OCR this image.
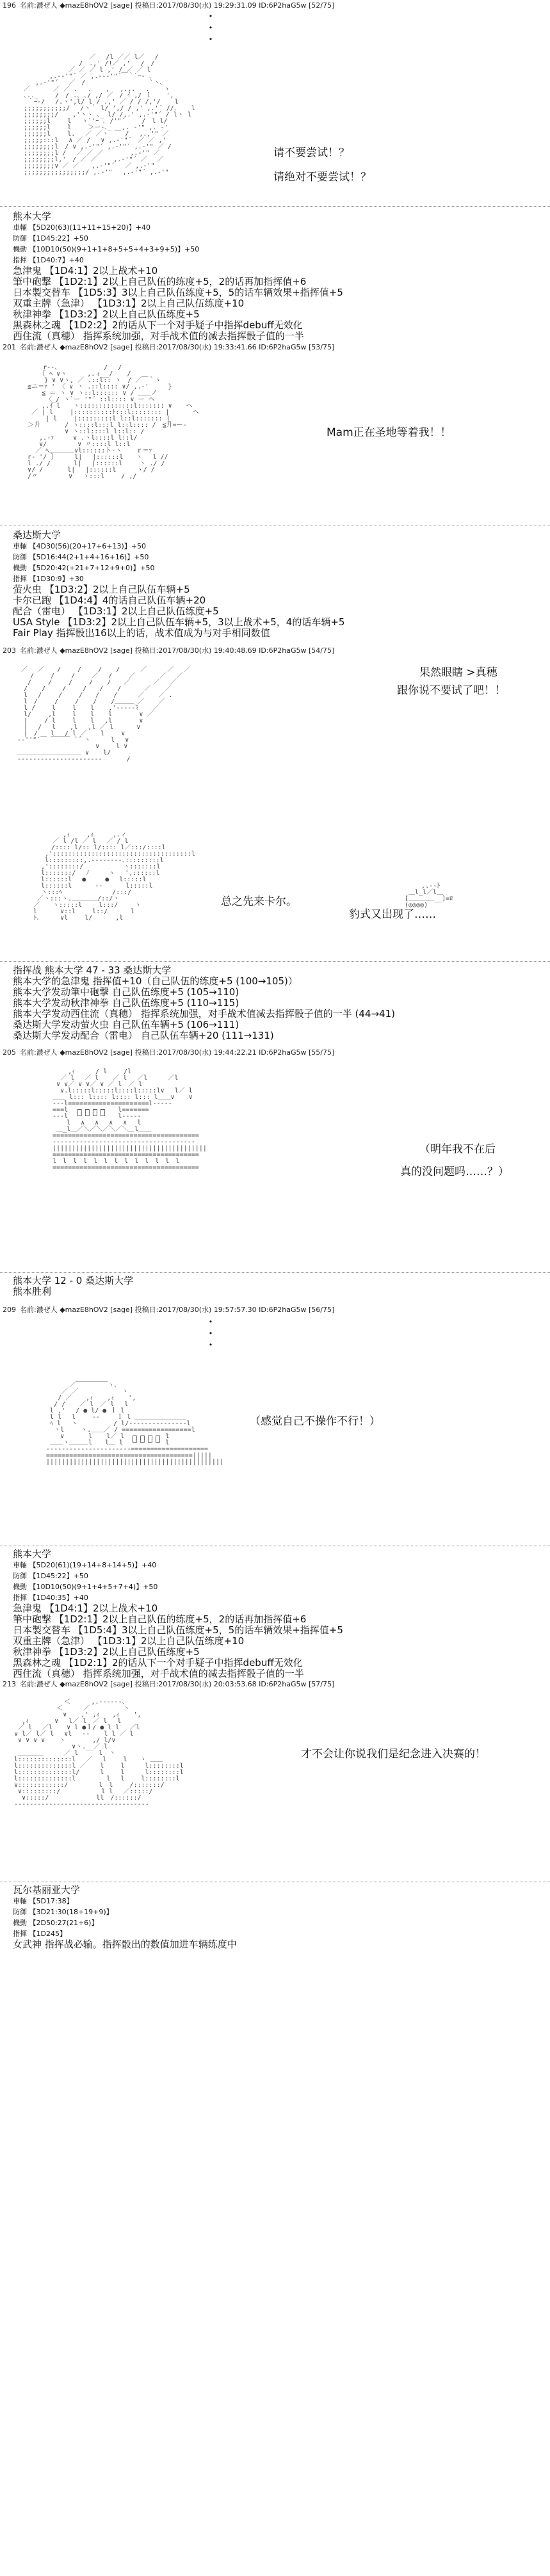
196 名前:濃ぜ人 ◆mazE8hOV2 [sage] 投稿日:2017/08/30(水) 19:29:31.09 ID:6P2haG5w [52/75]
・
・
・

／　 /l ／／ l／　 /
　 　/　.,' /!／ ,'　 /　/
　 ／ ／ ／ l ,' / ／ ／ l
　,.-‐'"´ ／ ,.-‐‐'"´￣｀`ｰ- ､
,.-'"´　 ／　/　　　 　 　 　 　 `ヽ、
／　　　 ／ ／ .　 . 　 ,　 ,.,.　 . 　 ヽ
､.._ 　　/　/ .､ ､/ ,/ ／　/ ｲ ,/ ｌ 　 ',
｀ｰ-/　 /.ヽ',l/ l / .,' ／ / / /,'/ 　 l
;;;;;;;;;;;/ 　/ヽ｀ l/ ',/ / ,' ,.'´ //､ 　 l
;;;;;;;;/ 　 ,'ヽヽ ､_ l/ /,.' ,.-'"´ / lヽ l
;;;;;;l　　 l 　ヽ`'ｰ ､ /'"´　　 /　l l/
;;;;;;l　　 l　　 ＞ー-､_　 ,. -'" ,. -'
;;;;;;l　　 l.　 ／ ／ヽ　￣ /　 ,.,'" ／
;;;;;:::l　 ∧ ／ /　 ∨ ,.-'"´　／ ／ ,'
;;;;;;;;l　/ ∨ ,.-'"´ ,.-'"´ ,.-'" ／ /
;;;;;;;;l /　 ／ ／ ／　　 　 ,.-'" ／
;;;;;;;;l,'　/ ／ ／ 　　,.-'"´ ／ 　／
;;;;;;;;∨ ／ ／　　,.-'"´　 ／ ,.-'"
;;;;;;;;;;;;;;;;/ ,.-'" 　,.-'"´ ,.-'"

请不要尝试！？
请绝对不要尝试！？
熊本大学
車輛 【5D20(63)(11+11+15+20)】+40
防御 【1D45:22】+50
機動 【10D10(50)(9+1+1+8+5+5+4+3+9+5)】+50
指揮 【1D40:7】+40
急津鬼 【1D4:1】2以上战术+10
筆中砲撃 【1D2:1】2以上自己队伍的练度+5，2的话再加指挥值+6
日本製交替车 【1D5:3】3以上自己队伍练度+5，5的话车辆效果+指挥值+5
双重主牌（急津） 【1D3:1】2以上自己队伍练度+10
秋津神拳 【1D3:2】2以上自己队伍练度+5
黑森林之魂 【1D2:2】2的话从下一个对手疑子中指挥debuff无效化
西住流（真穂） 指挥系统加强，对手战术值的减去指挥骰子值的一半
201 名前:濃ぜ人 ◆mazE8hOV2 [sage] 投稿日:2017/08/30(水) 19:33:41.66 ID:6P2haG5w [53/75]

r‐-、　　　　　 　 /　 /
｛ ﾍ ∨ヽ　 　 ,.ィ__/ 　 /
　　} ∨ ∨ヽ, ／ .::l:: ヽ　/ ／￣｀ヽ
≦ニ＝ｧ ' 〈 ∨ ヽ .::l:::: ∨/ ,.-'　　　}
　 ≦ ＝ ヽ ∨ ヽ::l:::::: ∨ / ＿＿ノ
　 〈_/ ヽ`ー '"´ ::l:::: ∨ ー ヘ
　 ,.ｲ l　　ヽ::::::::::::::l::::::: ∨ 　 ヘ
／ | l　　 |::::::::::ﾄ:::l:::::::: |　　　 ヘ
　 | l　　 |:::::::::l l::l::::::: |
＞升 　 　 / ヽ::::l:::l l::l:::: /　≦升=ー-
　　　　 ∨ ヽ::l::::l l::l:: /
,.-ｧ　　　∨ .ヽl::::l l::l/
∨/ 　 　 　∨ 〃::::l l::l
／ ﾍ＿＿＿＿∨l::::::ト-ヽ 　 ｒ＝ｧ
r‐ '/ ｝　 　 l| 　|::::::l　　ヽ　 l //
l ./ /　　　 l|　 |::::::l　　 ヽ ./ /
∨/ / 　 　 l| 　|::::::l　 　 ヽ/ /
/〃　 　 　 ∨ 　ヽ:::l　　 / ,/

Mam正在圣地等着我！！
桑达斯大学
車輛 【4D30(56)(20+17+6+13)】+50
防御 【5D16:44(2+1+4+16+16)】+50
機動 【5D20:42(+21+7+12+9+0)】+50
指揮 【1D30:9】+30
萤火虫 【1D3:2】2以上自己队伍车辆+5
卡尔已跑 【1D4:4】4的话自己队伍车辆+20
配合（雷电） 【1D3:1】2以上自己队伍练度+5
USA Style 【1D3:2】2以上自己队伍车辆+5，3以上战术+5，4的话车辆+5
Fair Play 指挥骰出16以上的话，战术值成为与对手相同数值
203 名前:濃ぜ人 ◆mazE8hOV2 [sage] 投稿日:2017/08/30(水) 19:40:48.69 ID:6P2haG5w [54/75]

／　 ／　　/　　 /　　 / 　 / 　　 ／ 　 　／　 ／
　　/　　 /　　 /　　 ／　 /　　 ／ 　 　 ／　 ／
　 /　　 /　　 /　　 / 　 /　　／　　　 ／ 　／
　/ 　 /　　 /　　 /　　/ 　 /　　　 ／ 　 ／
　l　 /　　 /　　 /　　/ 　 / 　 　／ 　 ／ .
　l　/　　 /　 　/ 　 / 　 /＿＿＿_／ 　 ／
　l /　　 l　　 l 　 l 　 ,'-‐‐‐‐ﾐ 　 ／
　l/　　 ,l　　 l 　 l 　 l　　 　 ∨ ／
　|　　 / l　　 l 　 l　 ,l 　　 　∨
　|　 / 　l 　 ,l　 ,l ／ l　　　 ∨
　|　/　　l　 / l ／ 　 l　　 ∨
‐‐''"´￣ ￣￣￣ ̄ ̄｀ヽ　 　 l　 ∨
　　 　 　 　 　 　 　 ∨　 　l ∨
＿＿＿＿＿＿＿＿＿＿ ∨ 　 l/
‐‐‐‐‐‐‐‐‐‐‐‐‐‐‐‐‐‐‐‐‐‐ 　 　 /

果然眼瞎 >真穗
跟你说不要试了吧！！

　 ,ｨ　　 ,ｨ　　　,.ィ
／ l /l ／ l　 ／ / l
　/:::: l/:: l/:::: l／:::/::::l
,'::::::::::::::::::::::::::::::::::::l
l:::::::::,.-‐‐‐‐‐--､:::::::::l
,'::::::::/　　　 　 　ヽ:::::::l
l:::::::/　 ﾉ　　　ヽ　 ',::::::l
l::::::l　 ●　　　●　 l:::::l
l::::::l　　　 ‐‐　　　 l:::::l
ヽ:::ﾍ　　 　　　 　 /:::/
／ヽ:::ヽ.＿＿＿＿/::/ヽ
／　　ヽ:::::l　　 l:::/　　 ヽ
l　　　 ∨::l　　 l::/　　　 l
ﾄ､ 　　 ∨l　　 l/　　　 ,l

总之先来卡尔。

　　　 ,.--ﾄ
　 ＿l_l／l＿
　[＿＿＿＿__]=ﾛ
　(◎◎◎◎)

豹式又出现了……
指挥战 熊本大学 47 - 33 桑达斯大学
熊本大学的急津鬼 指挥值+10（自己队伍的练度+5 (100→105)）
熊本大学发动筆中砲撃 自己队伍练度+5 (105→110)
熊本大学发动秋津神拳 自己队伍练度+5 (110→115)
熊本大学发动西住流（真穂） 指挥系统加强，对手战术值减去指挥骰子值的一半 (44→41)
桑达斯大学发动萤火虫 自己队伍车辆+5 (106→111)
桑达斯大学发动配合（雷电） 自己队伍车辆+20 (111→131)
205 名前:濃ぜ人 ◆mazE8hOV2 [sage] 投稿日:2017/08/30(水) 19:44:22.21 ID:6P2haG5w [55/75]

,ｨ 　 　/ l　　 /l
／ l　 ／ l 　 ／ l　 ／l 　 　／l
∨ ∨／ ∨ ∨／ ∨ ／ l　／ l
∨.l:::::l:::::l::::l:::::l∨ 　l／ l
＿＿ l::: l:::: l:::: l::: l＿＿∨ 　 ∨
‐‐‐l=====================l‐‐‐‐‐
===l  ┌┐┌┐┌┐┌┐   l=======
‐‐‐l  └┘└┘└┘└┘   l‐‐‐‐‐
　 l　 ∧　 ∧　 ∧　 ∧　 l
＿_l＿／＼／＼／＼／＼＿l＿＿
======================================
‐‐‐‐‐‐‐‐‐‐‐‐‐‐‐‐‐‐‐‐‐‐‐‐‐‐‐‐‐‐‐‐‐‐‐‐‐
||||||||||||||||||||||||||||||||||||||||
======================================
l　l　l　l　l　l　l　l　l　l　l　l　l
======================================

（明年我不在后
真的没问题吗……？）
熊本大学 12 - 0 桑达斯大学
熊本胜利
209 名前:濃ぜ人 ◆mazE8hOV2 [sage] 投稿日:2017/08/30(水) 19:57:57.30 ID:6P2haG5w [56/75]
・
・
・

／￣￣￣￣￣ヽ､
／ ／　　　 　 　 ヽ
/ ／ 　 ,ｨ 　 ,ｨ 　 ',
/ / 　 ／ l　／ l　 l
l ,' 　/ ● l/ ● ｌ l
l l 　l　　 ‐‐　　 ｌ l ＿＿＿＿＿＿＿＿
ﾍ l 　ヽ　　　　 　/ l/‐‐‐‐‐‐‐‐‐‐‐‐‐‐‐l
ヽl　　 ヽ.＿＿／ / ==================l
　 ∨ 　 　 l 　 l／ l　┌┐┌┐┌┐┌┐ l
＿＿ヽ＿＿＿l　　l＿ l  └┘└┘└┘└┘ l
‐‐‐‐‐‐‐‐‐‐‐‐‐‐‐‐‐‐‐‐‐‐====================
======================================|||||
||||||||||||||||||||||||||||||||||||||||||||||

（感觉自己不操作不行！）
熊本大学
車輛 【5D20(61)(19+14+8+14+5)】+40
防御 【1D45:22】+50
機動 【10D10(50)(9+1+4+5+7+4)】+50
指揮 【1D40:35】+40
急津鬼 【1D4:1】2以上战术+10
筆中砲撃 【1D2:1】2以上自己队伍的练度+5，2的话再加指挥值+6
日本製交替车 【1D5:4】3以上自己队伍练度+5，5的话车辆效果+指挥值+5
双重主牌（急津） 【1D3:1】2以上自己队伍练度+10
秋津神拳 【1D3:2】2以上自己队伍练度+5
黑森林之魂 【1D2:1】2的话从下一个对手疑子中指挥debuff无效化
西住流（真穂） 指挥系统加强，对手战术值的减去指挥骰子值的一半
213 名前:濃ぜ人 ◆mazE8hOV2 [sage] 投稿日:2017/08/30(水) 20:03:53.68 ID:6P2haG5w [57/75]

＜ 　　 ,.-‐‐‐‐-､
＜ 　　 ／　　　 　 ヽ
　 ∨ 　 ,' ,ｨ　　,ｨ 　 ',
,ｨ　　　　∨　 l／ l　／ l　 l
／ l　 ／l 　 ∨ l ●ｌ/ ● l l　 ／l
∨ l／ l／ l　 ∨l　 ‐‐ 　 l l ／ l
∨ ∨ ∨ ∨ 　 ヽ　　 　 ,/ l/∨
　　　 　 　 　 ∨ヽ.__／ l
＿＿＿＿ 　 　／ l　 　 l　ヽ
l::::::::::::::l　 ／　 l　　 l　　ヽ ＿＿
l::::::::::::::l ／ 　 l　　 l　 　 l::::::::l
l::::::::::::::l/ 　　 l 　　l　 　 l::::::::l
l::::::::::::::l　 　 　 l　 l　　 l::::::::l
∨::::::::::::/　 　 　 l　l　　 /:::::::/
∨:::::::::/ 　 　 　　 l l　 ／:::::/
∨:::::/　　 　 　 　 ll　/::::::/
‐‐‐‐‐‐‐‐‐‐‐‐‐‐‐‐‐‐‐‐‐‐‐‐‐‐‐‐‐‐‐‐‐‐‐

才不会让你说我们是纪念进入决赛的！
瓦尔基丽亚大学
車輛 【5D17:38】
防御 【3D21:30(18+19+9)】
機動 【2D50:27(21+6)】
指揮 【1D245】
女武神 指挥战必输。指挥骰出的数值加进车辆练度中
